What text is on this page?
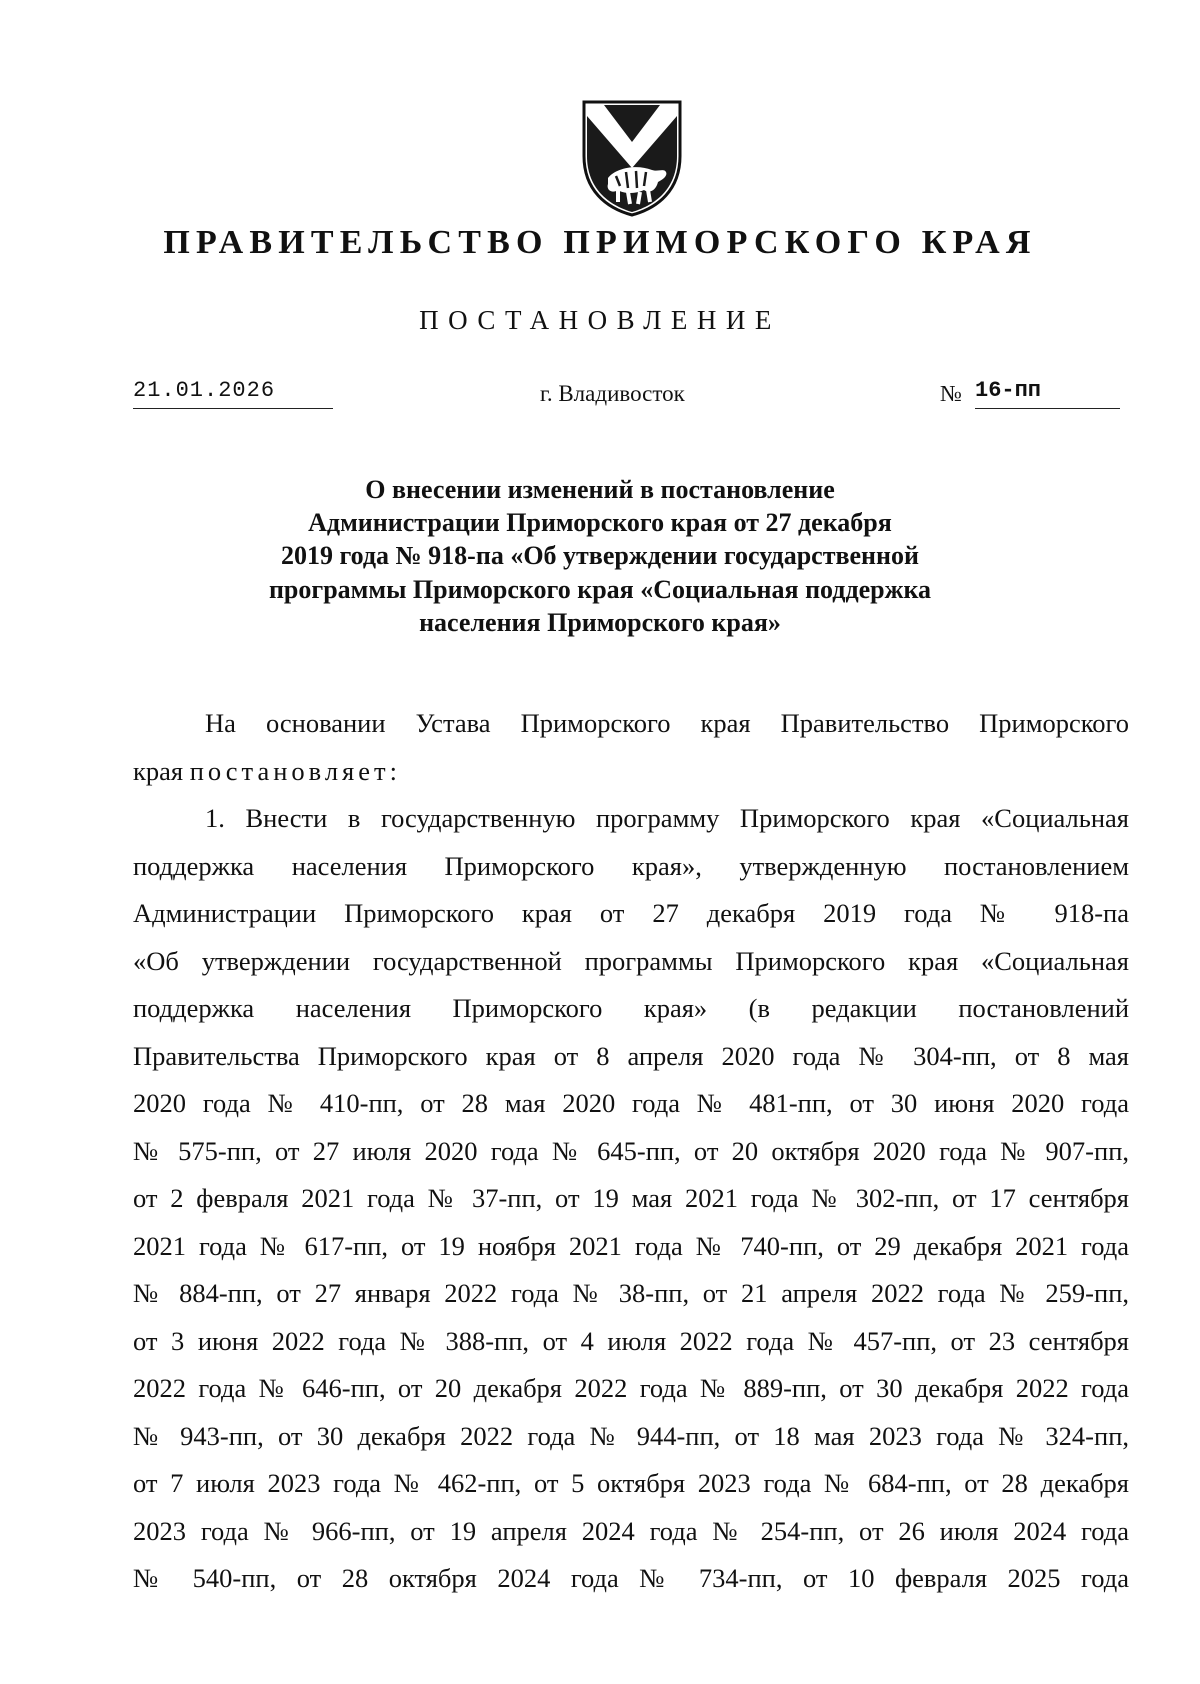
ПРАВИТЕЛЬСТВО ПРИМОРСКОГО КРАЯ
ПОСТАНОВЛЕНИЕ
21.01.2026	г. Владивосток	№ 16-пп
О внесении изменений в постановление
Администрации Приморского края от 27 декабря
2019 года № 918-па «Об утверждении государственной
программы Приморского края «Социальная поддержка
населения Приморского края»
На основании Устава Приморского края Правительство Приморского
края постановляет:
1. Внести в государственную программу Приморского края «Социальная
поддержка населения Приморского края», утвержденную постановлением
Администрации Приморского края от 27 декабря 2019 года № 918-па
«Об утверждении государственной программы Приморского края «Социальная
поддержка населения Приморского края» (в редакции постановлений
Правительства Приморского края от 8 апреля 2020 года № 304-пп, от 8 мая
2020 года № 410-пп, от 28 мая 2020 года № 481-пп, от 30 июня 2020 года
№ 575-пп, от 27 июля 2020 года № 645-пп, от 20 октября 2020 года № 907-пп,
от 2 февраля 2021 года № 37-пп, от 19 мая 2021 года № 302-пп, от 17 сентября
2021 года № 617-пп, от 19 ноября 2021 года № 740-пп, от 29 декабря 2021 года
№ 884-пп, от 27 января 2022 года № 38-пп, от 21 апреля 2022 года № 259-пп,
от 3 июня 2022 года № 388-пп, от 4 июля 2022 года № 457-пп, от 23 сентября
2022 года № 646-пп, от 20 декабря 2022 года № 889-пп, от 30 декабря 2022 года
№ 943-пп, от 30 декабря 2022 года № 944-пп, от 18 мая 2023 года № 324-пп,
от 7 июля 2023 года № 462-пп, от 5 октября 2023 года № 684-пп, от 28 декабря
2023 года № 966-пп, от 19 апреля 2024 года № 254-пп, от 26 июля 2024 года
№ 540-пп, от 28 октября 2024 года № 734-пп, от 10 февраля 2025 года
